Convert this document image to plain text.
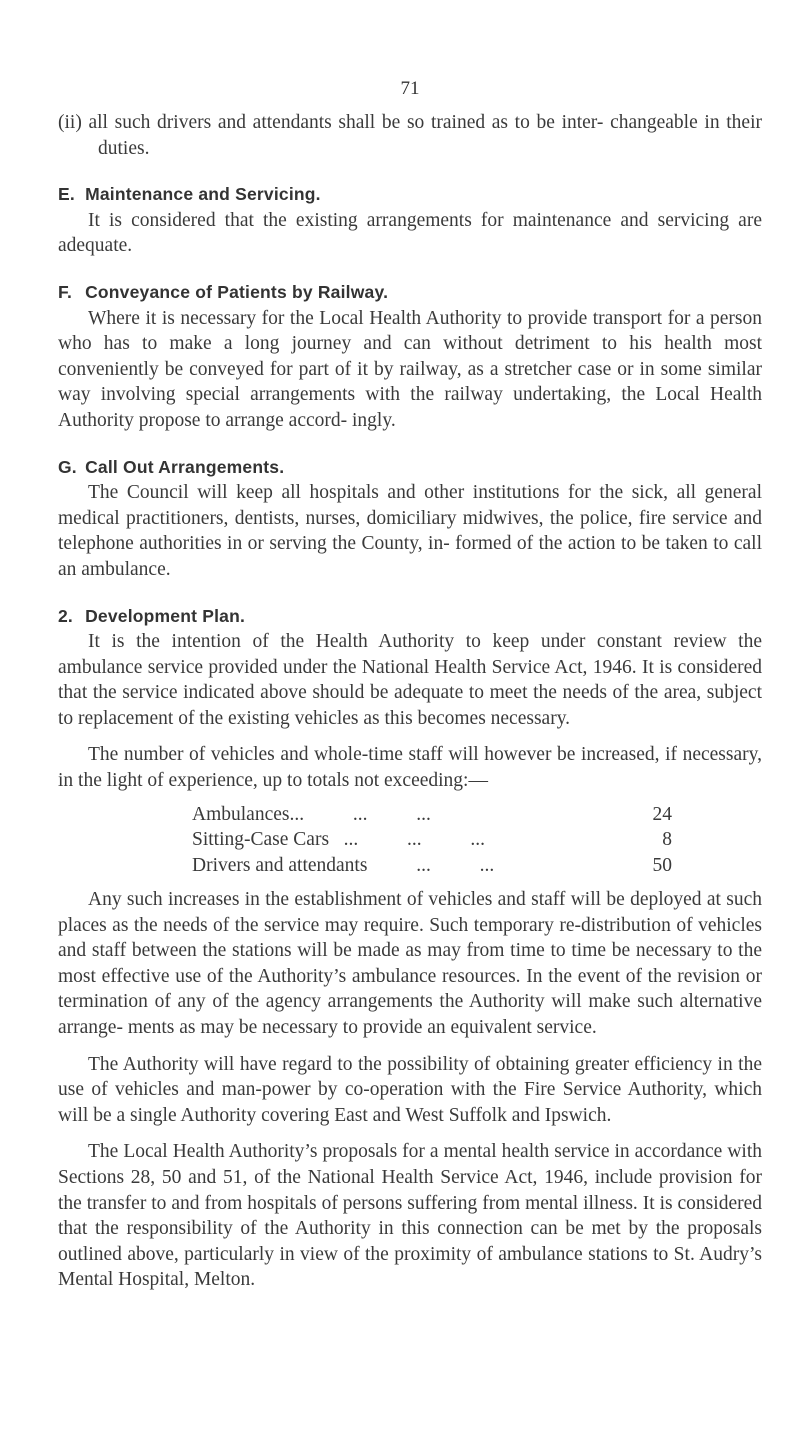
71

(ii) all such drivers and attendants shall be so trained as to be inter- changeable in their duties.

E. Maintenance and Servicing.

It is considered that the existing arrangements for maintenance and servicing are adequate.

F. Conveyance of Patients by Railway.

Where it is necessary for the Local Health Authority to provide transport for a person who has to make a long journey and can without detriment to his health most conveniently be conveyed for part of it by railway, as a stretcher case or in some similar way involving special arrangements with the railway undertaking, the Local Health Authority propose to arrange accord- ingly.

G. Call Out Arrangements.

The Council will keep all hospitals and other institutions for the sick, all general medical practitioners, dentists, nurses, domiciliary midwives, the police, fire service and telephone authorities in or serving the County, in- formed of the action to be taken to call an ambulance.

2. Development Plan.

It is the intention of the Health Authority to keep under constant review the ambulance service provided under the National Health Service Act, 1946. It is considered that the service indicated above should be adequate to meet the needs of the area, subject to replacement of the existing vehicles as this becomes necessary.

The number of vehicles and whole-time staff will however be increased, if necessary, in the light of experience, up to totals not exceeding:—

Ambulances...          ...          ...	24
Sitting-Case Cars   ...          ...          ...	8
Drivers and attendants          ...          ...	50

Any such increases in the establishment of vehicles and staff will be deployed at such places as the needs of the service may require. Such temporary re-distribution of vehicles and staff between the stations will be made as may from time to time be necessary to the most effective use of the Authority’s ambulance resources. In the event of the revision or termination of any of the agency arrangements the Authority will make such alternative arrange- ments as may be necessary to provide an equivalent service.

The Authority will have regard to the possibility of obtaining greater efficiency in the use of vehicles and man-power by co-operation with the Fire Service Authority, which will be a single Authority covering East and West Suffolk and Ipswich.

The Local Health Authority’s proposals for a mental health service in accordance with Sections 28, 50 and 51, of the National Health Service Act, 1946, include provision for the transfer to and from hospitals of persons suffering from mental illness. It is considered that the responsibility of the Authority in this connection can be met by the proposals outlined above, particularly in view of the proximity of ambulance stations to St. Audry’s Mental Hospital, Melton.
